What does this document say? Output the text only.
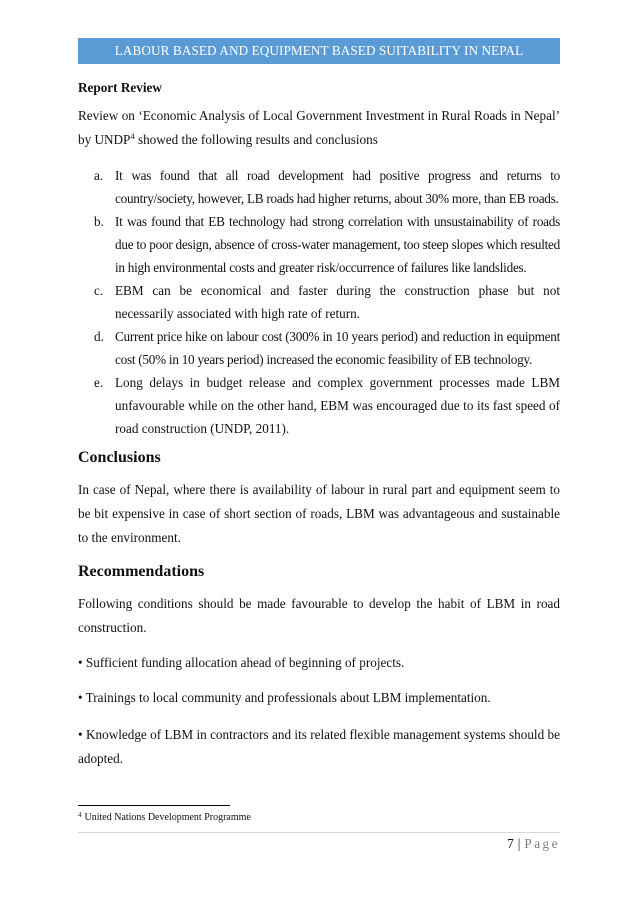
LABOUR BASED AND EQUIPMENT BASED SUITABILITY IN NEPAL
Report Review
Review on ‘Economic Analysis of Local Government Investment in Rural Roads in Nepal’ by UNDP$^4$ showed the following results and conclusions
a. It was found that all road development had positive progress and returns to country/society, however, LB roads had higher returns, about 30% more, than EB roads.
b. It was found that EB technology had strong correlation with unsustainability of roads due to poor design, absence of cross-water management, too steep slopes which resulted in high environmental costs and greater risk/occurrence of failures like landslides.
c. EBM can be economical and faster during the construction phase but not necessarily associated with high rate of return.
d. Current price hike on labour cost (300% in 10 years period) and reduction in equipment cost (50% in 10 years period) increased the economic feasibility of EB technology.
e. Long delays in budget release and complex government processes made LBM unfavourable while on the other hand, EBM was encouraged due to its fast speed of road construction (UNDP, 2011).
Conclusions
In case of Nepal, where there is availability of labour in rural part and equipment seem to be bit expensive in case of short section of roads, LBM was advantageous and sustainable to the environment.
Recommendations
Following conditions should be made favourable to develop the habit of LBM in road construction.
• Sufficient funding allocation ahead of beginning of projects.
• Trainings to local community and professionals about LBM implementation.
• Knowledge of LBM in contractors and its related flexible management systems should be adopted.
$^4$ United Nations Development Programme
7 | Page
